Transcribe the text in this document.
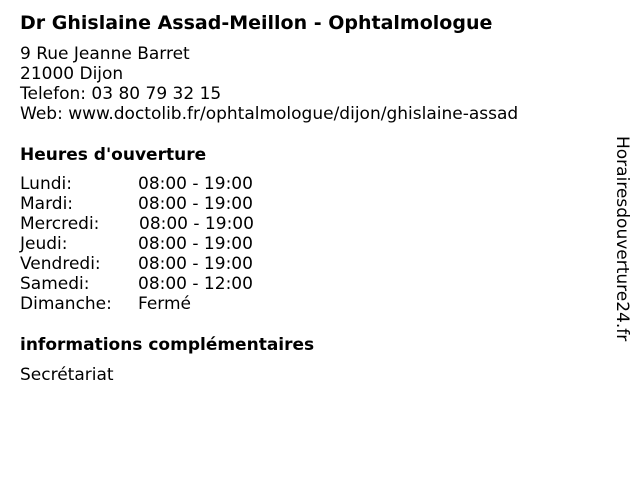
Dr Ghislaine Assad-Meillon - Ophtalmologue
9 Rue Jeanne Barret
21000 Dijon
Telefon: 03 80 79 32 15
Web: www.doctolib.fr/ophtalmologue/dijon/ghislaine-assad
Heures d'ouverture
Lundi:	08:00 - 19:00
Mardi:	08:00 - 19:00
Mercredi: 08:00 - 19:00
Jeudi:	08:00 - 19:00
Vendredi: 08:00 - 19:00
Samedi:	08:00 - 12:00
Dimanche: Fermé
informations complémentaires
Secrétariat
Horairesdouverture24.fr
